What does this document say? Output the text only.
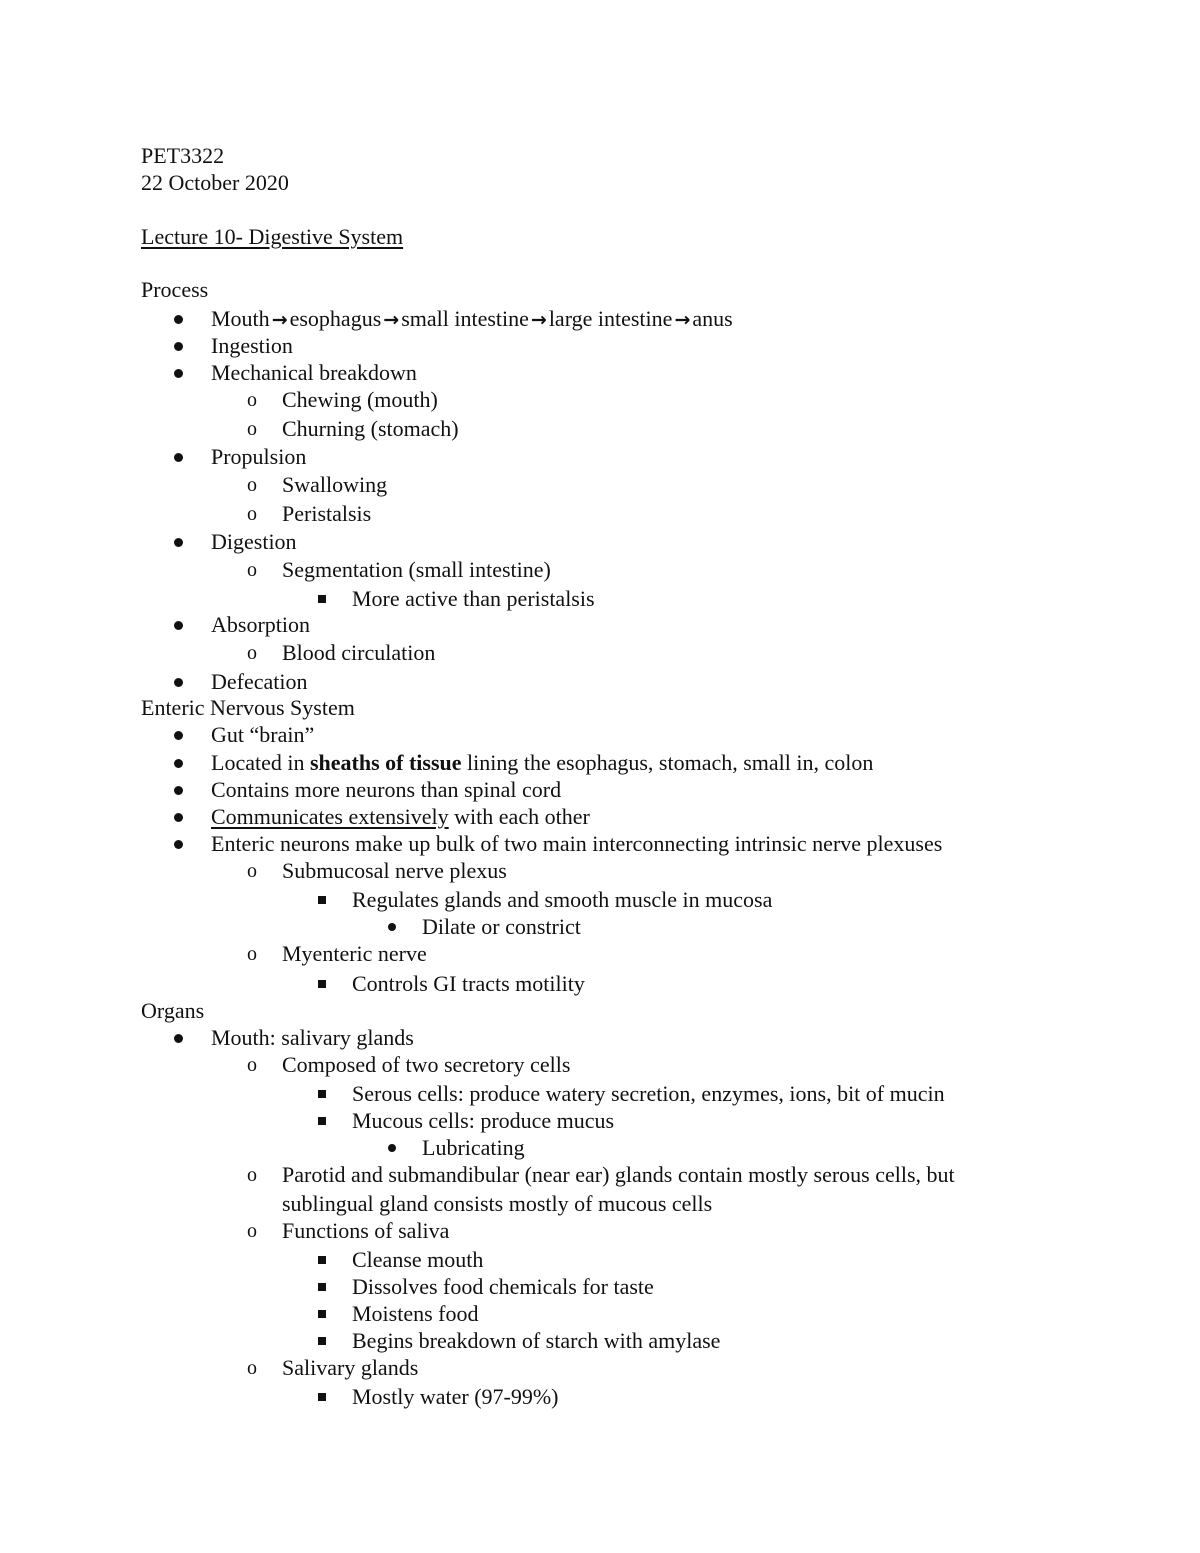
PET3322
22 October 2020
Lecture 10- Digestive System
Process
Mouth →esophagus →small intestine →large intestine →anus
Ingestion
Mechanical breakdown
o Chewing (mouth)
o Churning (stomach)
Propulsion
o Swallowing
o Peristalsis
Digestion
o Segmentation (small intestine)
More active than peristalsis
Absorption
o Blood circulation
Defecation
Enteric Nervous System
Gut “brain”
Located in sheaths of tissue lining the esophagus, stomach, small in, colon
Contains more neurons than spinal cord
Communicates extensively with each other
Enteric neurons make up bulk of two main interconnecting intrinsic nerve plexuses
o Submucosal nerve plexus
Regulates glands and smooth muscle in mucosa
Dilate or constrict
o Myenteric nerve
Controls GI tracts motility
Organs
Mouth: salivary glands
o Composed of two secretory cells
Serous cells: produce watery secretion, enzymes, ions, bit of mucin
Mucous cells: produce mucus
Lubricating
o Parotid and submandibular (near ear) glands contain mostly serous cells, but
sublingual gland consists mostly of mucous cells
o Functions of saliva
Cleanse mouth
Dissolves food chemicals for taste
Moistens food
Begins breakdown of starch with amylase
o Salivary glands
Mostly water (97-99%)
